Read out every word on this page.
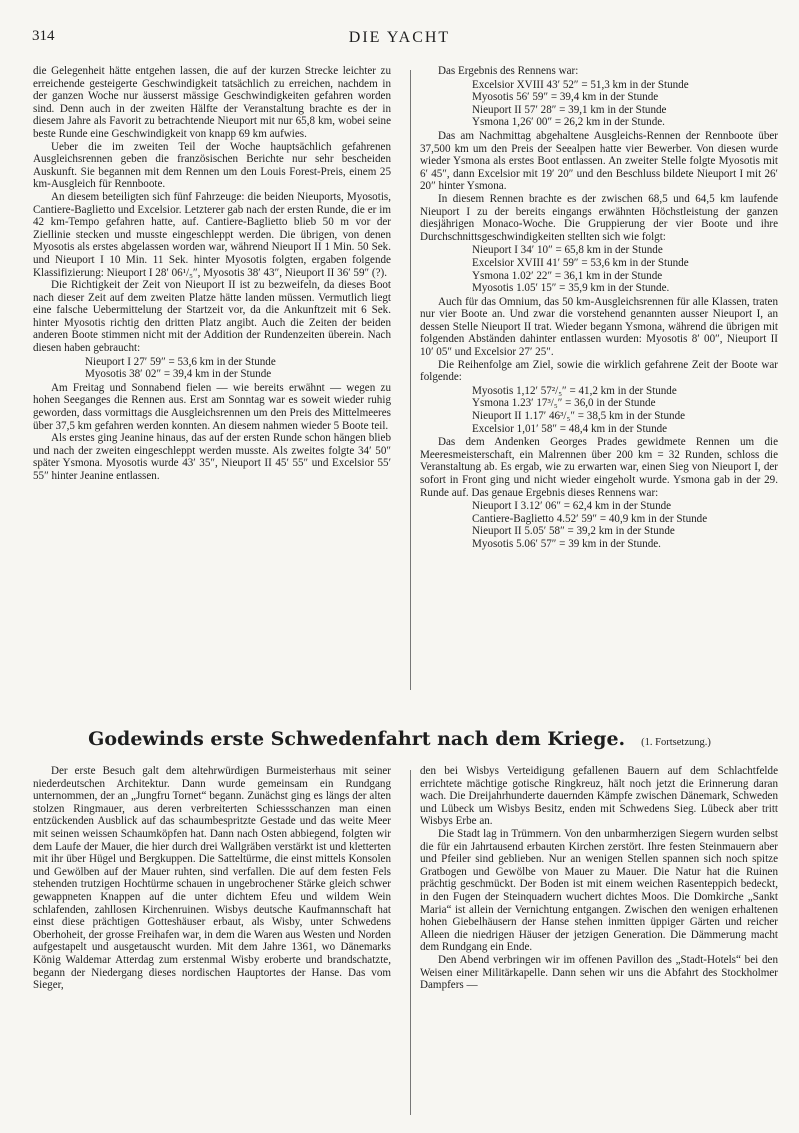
314	DIE YACHT

die Gelegenheit hätte entgehen lassen, die auf der kurzen Strecke leichter zu erreichende gesteigerte Geschwindigkeit tatsächlich zu erreichen, nachdem in der ganzen Woche nur äusserst mässige Geschwindigkeiten gefahren worden sind. Denn auch in der zweiten Hälfte der Veranstaltung brachte es der in diesem Jahre als Favorit zu betrachtende Nieuport mit nur 65,8 km, wobei seine beste Runde eine Geschwindigkeit von knapp 69 km aufwies.

Ueber die im zweiten Teil der Woche hauptsächlich gefahrenen Ausgleichsrennen geben die französischen Berichte nur sehr bescheiden Auskunft. Sie begannen mit dem Rennen um den Louis Forest-Preis, einem 25 km-Ausgleich für Rennboote.

An diesem beteiligten sich fünf Fahrzeuge: die beiden Nieuports, Myosotis, Cantiere-Baglietto und Excelsior. Letzterer gab nach der ersten Runde, die er im 42 km-Tempo gefahren hatte, auf. Cantiere-Baglietto blieb 50 m vor der Ziellinie stecken und musste eingeschleppt werden. Die übrigen, von denen Myosotis als erstes abgelassen worden war, während Nieuport II 1 Min. 50 Sek. und Nieuport I 10 Min. 11 Sek. hinter Myosotis folgten, ergaben folgende Klassifizierung: Nieuport I 28′ 06¹/₅″, Myosotis 38′ 43″, Nieuport II 36′ 59″ (?).

Die Richtigkeit der Zeit von Nieuport II ist zu bezweifeln, da dieses Boot nach dieser Zeit auf dem zweiten Platze hätte landen müssen. Vermutlich liegt eine falsche Uebermittelung der Startzeit vor, da die Ankunftzeit mit 6 Sek. hinter Myosotis richtig den dritten Platz angibt. Auch die Zeiten der beiden anderen Boote stimmen nicht mit der Addition der Rundenzeiten überein. Nach diesen haben gebraucht:

Nieuport I 27′ 59″ = 53,6 km in der Stunde
Myosotis 38′ 02″ = 39,4 km in der Stunde

Am Freitag und Sonnabend fielen — wie bereits erwähnt — wegen zu hohen Seeganges die Rennen aus. Erst am Sonntag war es soweit wieder ruhig geworden, dass vormittags die Ausgleichsrennen um den Preis des Mittelmeeres über 37,5 km gefahren werden konnten. An diesem nahmen wieder 5 Boote teil.

Als erstes ging Jeanine hinaus, das auf der ersten Runde schon hängen blieb und nach der zweiten eingeschleppt werden musste. Als zweites folgte 34′ 50″ später Ysmona. Myosotis wurde 43′ 35″, Nieuport II 45′ 55″ und Excelsior 55′ 55″ hinter Jeanine entlassen.

Das Ergebnis des Rennens war:

Excelsior XVIII 43′ 52″ = 51,3 km in der Stunde
Myosotis 56′ 59″ = 39,4 km in der Stunde
Nieuport II 57′ 28″ = 39,1 km in der Stunde
Ysmona 1,26′ 00″ = 26,2 km in der Stunde.

Das am Nachmittag abgehaltene Ausgleichs-Rennen der Rennboote über 37,500 km um den Preis der Seealpen hatte vier Bewerber. Von diesen wurde wieder Ysmona als erstes Boot entlassen. An zweiter Stelle folgte Myosotis mit 6′ 45″, dann Excelsior mit 19′ 20″ und den Beschluss bildete Nieuport I mit 26′ 20″ hinter Ysmona.

In diesem Rennen brachte es der zwischen 68,5 und 64,5 km laufende Nieuport I zu der bereits eingangs erwähnten Höchstleistung der ganzen diesjährigen Monaco-Woche. Die Gruppierung der vier Boote und ihre Durchschnittsgeschwindigkeiten stellten sich wie folgt:

Nieuport I 34′ 10″ = 65,8 km in der Stunde
Excelsior XVIII 41′ 59″ = 53,6 km in der Stunde
Ysmona 1.02′ 22″ = 36,1 km in der Stunde
Myosotis 1.05′ 15″ = 35,9 km in der Stunde.

Auch für das Omnium, das 50 km-Ausgleichsrennen für alle Klassen, traten nur vier Boote an. Und zwar die vorstehend genannten ausser Nieuport I, an dessen Stelle Nieuport II trat. Wieder begann Ysmona, während die übrigen mit folgenden Abständen dahinter entlassen wurden: Myosotis 8′ 00″, Nieuport II 10′ 05″ und Excelsior 27′ 25″.

Die Reihenfolge am Ziel, sowie die wirklich gefahrene Zeit der Boote war folgende:

Myosotis 1,12′ 57²/₅″ = 41,2 km in der Stunde
Ysmona 1.23′ 17³/₅″ = 36,0 in der Stunde
Nieuport II 1.17′ 46³/₅″ = 38,5 km in der Stunde
Excelsior 1,01′ 58″ = 48,4 km in der Stunde

Das dem Andenken Georges Prades gewidmete Rennen um die Meeresmeisterschaft, ein Malrennen über 200 km = 32 Runden, schloss die Veranstaltung ab. Es ergab, wie zu erwarten war, einen Sieg von Nieuport I, der sofort in Front ging und nicht wieder eingeholt wurde. Ysmona gab in der 29. Runde auf. Das genaue Ergebnis dieses Rennens war:

Nieuport I 3.12′ 06″ = 62,4 km in der Stunde
Cantiere-Baglietto 4.52′ 59″ = 40,9 km in der Stunde
Nieuport II 5.05′ 58″ = 39,2 km in der Stunde
Myosotis 5.06′ 57″ = 39 km in der Stunde.
Godewinds erste Schwedenfahrt nach dem Kriege. (1. Fortsetzung.)

Der erste Besuch galt dem altehrwürdigen Burmeisterhaus mit seiner niederdeutschen Architektur. Dann wurde gemeinsam ein Rundgang unternommen, der an „Jungfru Tornet“ begann. Zunächst ging es längs der alten stolzen Ringmauer, aus deren verbreiterten Schiessschanzen man einen entzückenden Ausblick auf das schaumbespritzte Gestade und das weite Meer mit seinen weissen Schaumköpfen hat. Dann nach Osten abbiegend, folgten wir dem Laufe der Mauer, die hier durch drei Wallgräben verstärkt ist und kletterten mit ihr über Hügel und Bergkuppen. Die Satteltürme, die einst mittels Konsolen und Gewölben auf der Mauer ruhten, sind verfallen. Die auf dem festen Fels stehenden trutzigen Hochtürme schauen in ungebrochener Stärke gleich schwer gewappneten Knappen auf die unter dichtem Efeu und wildem Wein schlafenden, zahllosen Kirchenruinen. Wisbys deutsche Kaufmannschaft hat einst diese prächtigen Gotteshäuser erbaut, als Wisby, unter Schwedens Oberhoheit, der grosse Freihafen war, in dem die Waren aus Westen und Norden aufgestapelt und ausgetauscht wurden. Mit dem Jahre 1361, wo Dänemarks König Waldemar Atterdag zum erstenmal Wisby eroberte und brandschatzte, begann der Niedergang dieses nordischen Hauptortes der Hanse. Das vom Sieger,

den bei Wisbys Verteidigung gefallenen Bauern auf dem Schlachtfelde errichtete mächtige gotische Ringkreuz, hält noch jetzt die Erinnerung daran wach. Die Dreijahrhunderte dauernden Kämpfe zwischen Dänemark, Schweden und Lübeck um Wisbys Besitz, enden mit Schwedens Sieg. Lübeck aber tritt Wisbys Erbe an.

Die Stadt lag in Trümmern. Von den unbarmherzigen Siegern wurden selbst die für ein Jahrtausend erbauten Kirchen zerstört. Ihre festen Steinmauern aber und Pfeiler sind geblieben. Nur an wenigen Stellen spannen sich noch spitze Gratbogen und Gewölbe von Mauer zu Mauer. Die Natur hat die Ruinen prächtig geschmückt. Der Boden ist mit einem weichen Rasenteppich bedeckt, in den Fugen der Steinquadern wuchert dichtes Moos. Die Domkirche „Sankt Maria“ ist allein der Vernichtung entgangen. Zwischen den wenigen erhaltenen hohen Giebelhäusern der Hanse stehen inmitten üppiger Gärten und reicher Alleen die niedrigen Häuser der jetzigen Generation. Die Dämmerung macht dem Rundgang ein Ende.

Den Abend verbringen wir im offenen Pavillon des „Stadt-Hotels“ bei den Weisen einer Militärkapelle. Dann sehen wir uns die Abfahrt des Stockholmer Dampfers —
